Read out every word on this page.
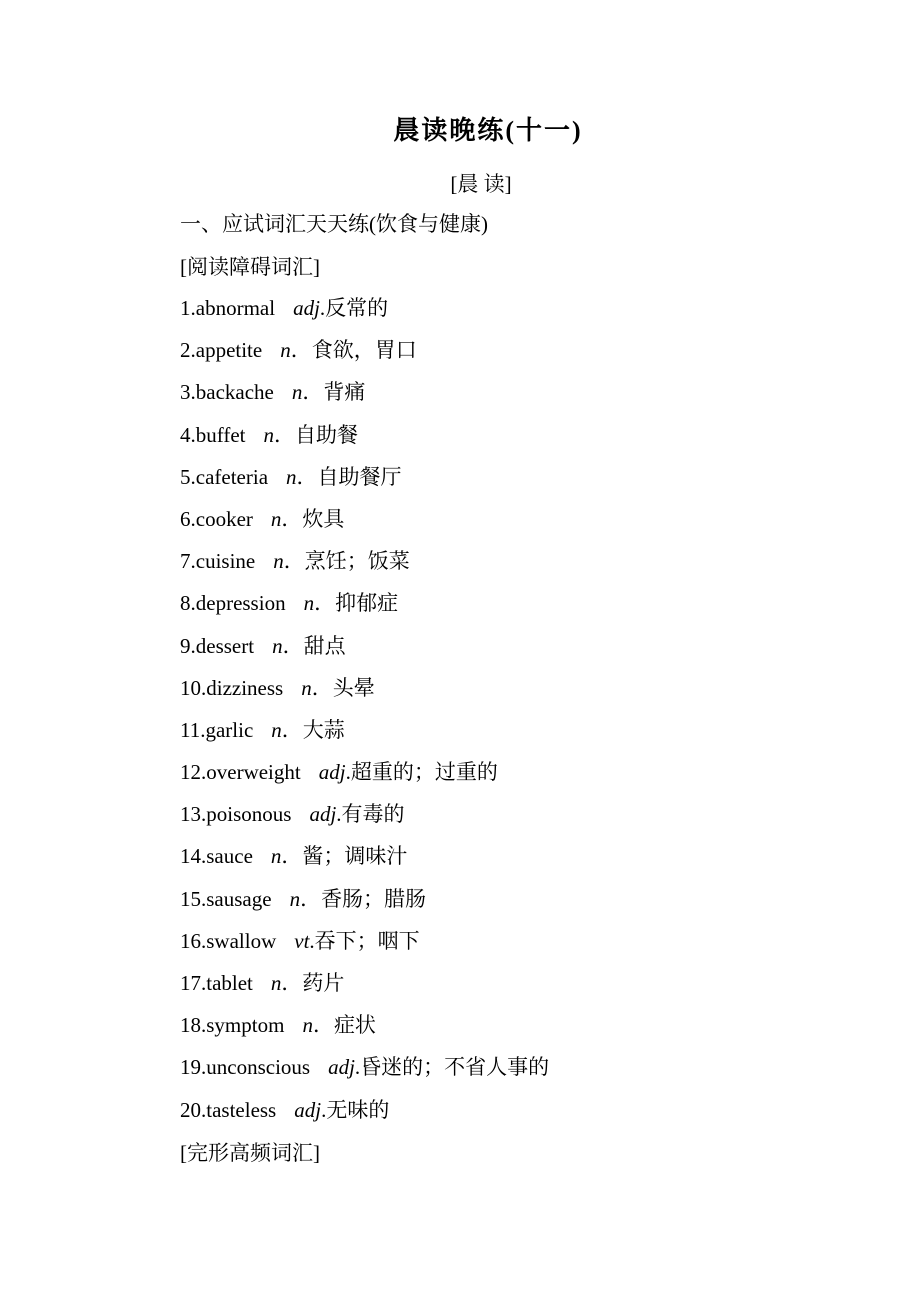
晨读晚练(十一)
[晨 读]
一、应试词汇天天练(饮食与健康)
[阅读障碍词汇]
1.abnormal adj.反常的
2.appetite n．食欲，胃口
3.backache n．背痛
4.buffet n．自助餐
5.cafeteria n．自助餐厅
6.cooker n．炊具
7.cuisine n．烹饪；饭菜
8.depression n．抑郁症
9.dessert n．甜点
10.dizziness n．头晕
11.garlic n．大蒜
12.overweight adj.超重的；过重的
13.poisonous adj.有毒的
14.sauce n．酱；调味汁
15.sausage n．香肠；腊肠
16.swallow vt.吞下；咽下
17.tablet n．药片
18.symptom n．症状
19.unconscious adj.昏迷的；不省人事的
20.tasteless adj.无味的
[完形高频词汇]
